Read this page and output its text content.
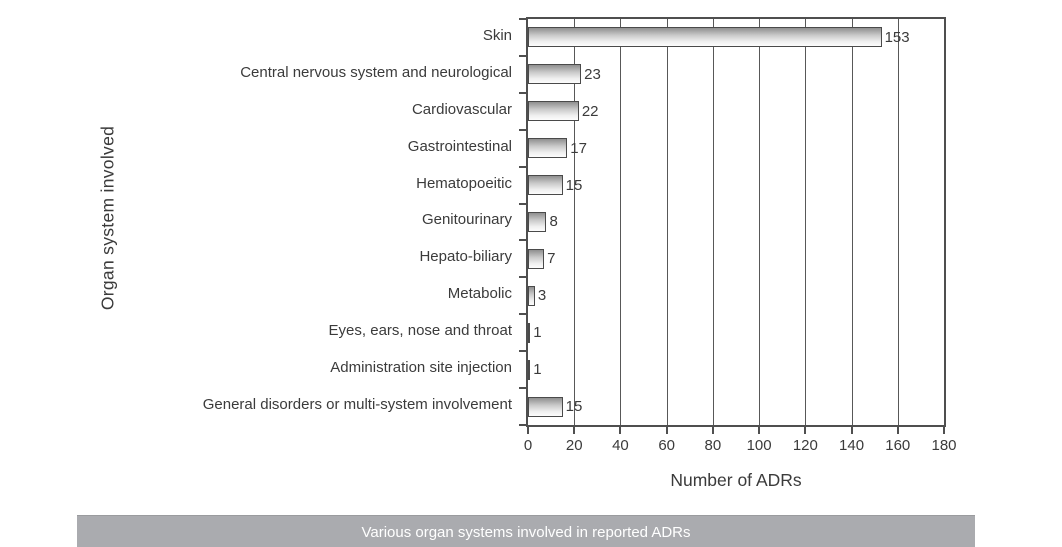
Organ system involved
Skin
Central nervous system and neurological
Cardiovascular
Gastrointestinal
Hematopoeitic
Genitourinary
Hepato-biliary
Metabolic
Eyes, ears, nose and throat
Administration site injection
General disorders or multi-system involvement
153
23
22
17
15
8
7
3
1
1
15
0 20 40 60 80 100 120 140 160 180
Number of ADRs
Various organ systems involved in reported ADRs
